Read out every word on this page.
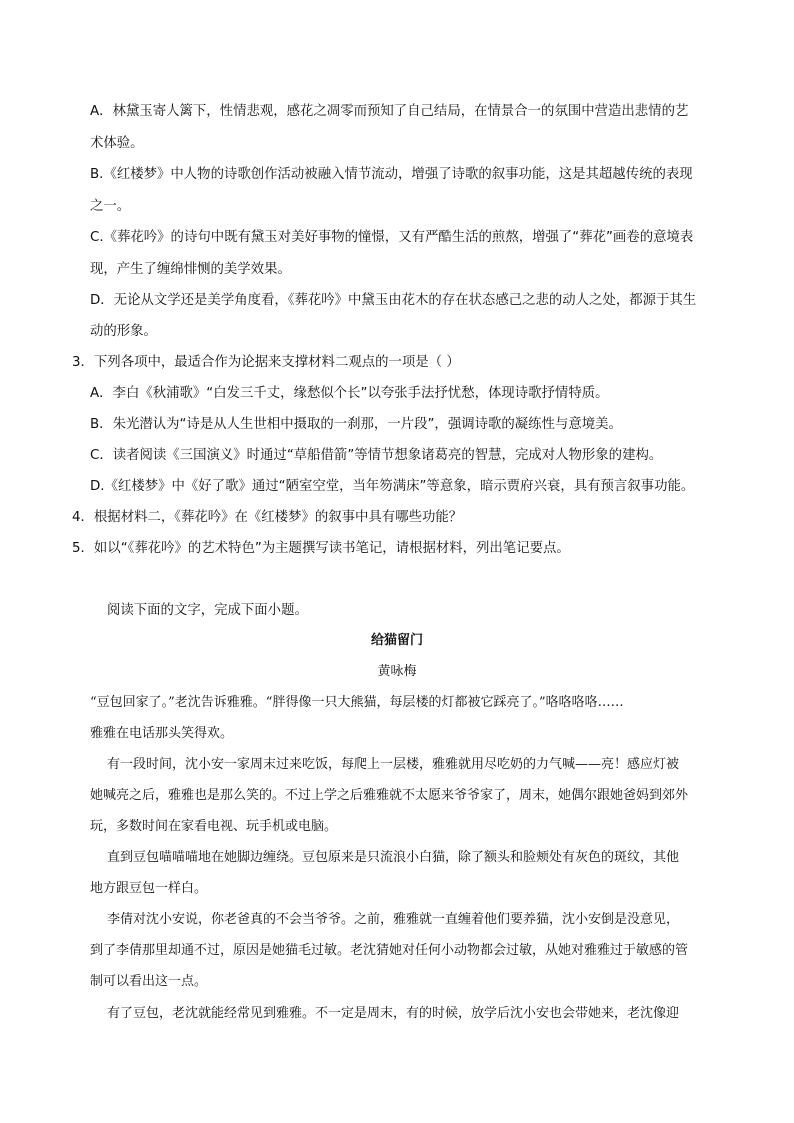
A．林黛玉寄人篱下，性情悲观，感花之凋零而预知了自己结局，在情景合一的氛围中营造出悲情的艺
术体验。
B.《红楼梦》中人物的诗歌创作活动被融入情节流动，增强了诗歌的叙事功能，这是其超越传统的表现
之一。
C.《葬花吟》的诗句中既有黛玉对美好事物的憧憬，又有严酷生活的煎熬，增强了“葬花”画卷的意境表
现，产生了缠绵悱恻的美学效果。
D．无论从文学还是美学角度看，《葬花吟》中黛玉由花木的存在状态感己之悲的动人之处，都源于其生
动的形象。
3．下列各项中，最适合作为论据来支撑材料二观点的一项是（ ）
A．李白《秋浦歌》“白发三千丈，缘愁似个长”以夸张手法抒忧愁，体现诗歌抒情特质。
B．朱光潜认为“诗是从人生世相中摄取的一刹那，一片段”，强调诗歌的凝练性与意境美。
C．读者阅读《三国演义》时通过“草船借箭”等情节想象诸葛亮的智慧，完成对人物形象的建构。
D.《红楼梦》中《好了歌》通过“陋室空堂，当年笏满床”等意象，暗示贾府兴衰，具有预言叙事功能。
4．根据材料二，《葬花吟》在《红楼梦》的叙事中具有哪些功能？
5．如以“《葬花吟》的艺术特色”为主题撰写读书笔记，请根据材料，列出笔记要点。
阅读下面的文字，完成下面小题。
给猫留门
黄咏梅
“豆包回家了。”老沈告诉雅雅。“胖得像一只大熊猫，每层楼的灯都被它踩亮了。”咯咯咯咯……
雅雅在电话那头笑得欢。
有一段时间，沈小安一家周末过来吃饭，每爬上一层楼，雅雅就用尽吃奶的力气喊——亮！感应灯被
她喊亮之后，雅雅也是那么笑的。不过上学之后雅雅就不太愿来爷爷家了，周末，她偶尔跟她爸妈到郊外
玩，多数时间在家看电视、玩手机或电脑。
直到豆包喵喵喵地在她脚边缠绕。豆包原来是只流浪小白猫，除了额头和脸颊处有灰色的斑纹，其他
地方跟豆包一样白。
李倩对沈小安说，你老爸真的不会当爷爷。之前，雅雅就一直缠着他们要养猫，沈小安倒是没意见，
到了李倩那里却通不过，原因是她猫毛过敏。老沈猜她对任何小动物都会过敏，从她对雅雅过于敏感的管
制可以看出这一点。
有了豆包，老沈就能经常见到雅雅。不一定是周末，有的时候，放学后沈小安也会带她来，老沈像迎
